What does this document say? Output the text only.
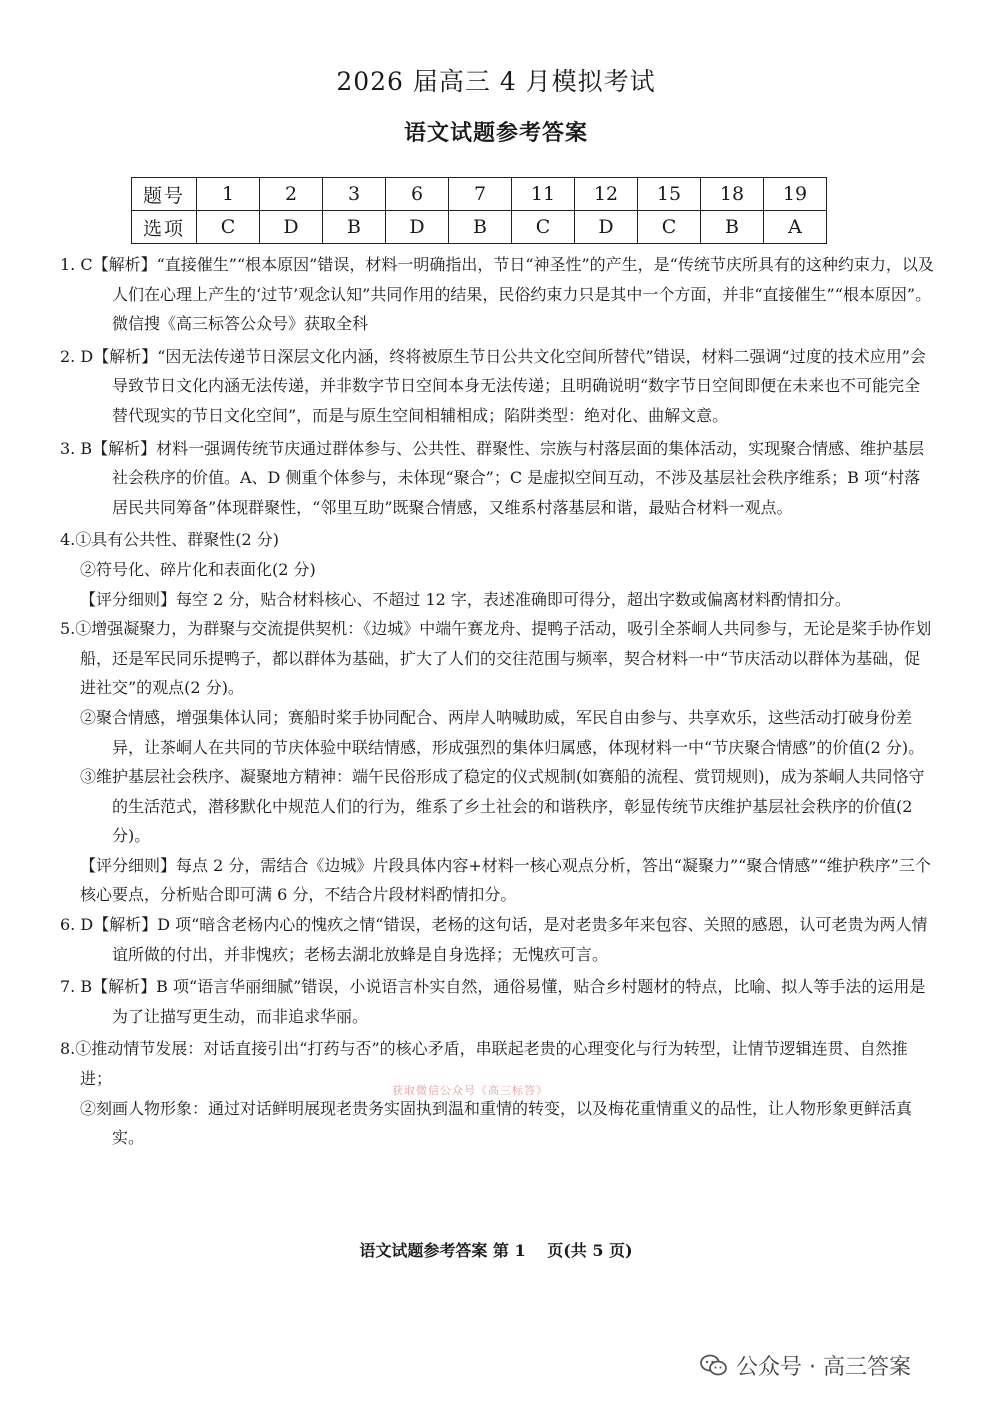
2026 届高三 4 月模拟考试
语文试题参考答案
题号	1	2	3	6	7	11	12	15	18	19
选项	C	D	B	D	B	C	D	C	B	A
1. C【解析】“直接催生”“根本原因”错误，材料一明确指出，节日“神圣性”的产生，是“传统节庆所具有的这种约束力，以及人们在心理上产生的‘过节’观念认知”共同作用的结果，民俗约束力只是其中一个方面，并非“直接催生”“根本原因”。微信搜《高三标答公众号》获取全科
2. D【解析】“因无法传递节日深层文化内涵，终将被原生节日公共文化空间所替代”错误，材料二强调“过度的技术应用”会导致节日文化内涵无法传递，并非数字节日空间本身无法传递；且明确说明“数字节日空间即便在未来也不可能完全替代现实的节日文化空间”，而是与原生空间相辅相成；陷阱类型：绝对化、曲解文意。
3. B【解析】材料一强调传统节庆通过群体参与、公共性、群聚性、宗族与村落层面的集体活动，实现聚合情感、维护基层社会秩序的价值。A、D 侧重个体参与，未体现“聚合”；C 是虚拟空间互动，不涉及基层社会秩序维系；B 项“村落居民共同筹备”体现群聚性，“邻里互助”既聚合情感，又维系村落基层和谐，最贴合材料一观点。
4.①具有公共性、群聚性(2 分)
②符号化、碎片化和表面化(2 分)
【评分细则】每空 2 分，贴合材料核心、不超过 12 字，表述准确即可得分，超出字数或偏离材料酌情扣分。
5.①增强凝聚力，为群聚与交流提供契机：《边城》中端午赛龙舟、提鸭子活动，吸引全茶峒人共同参与，无论是桨手协作划船，还是军民同乐提鸭子，都以群体为基础，扩大了人们的交往范围与频率，契合材料一中“节庆活动以群体为基础，促进社交”的观点(2 分)。
②聚合情感，增强集体认同；赛船时桨手协同配合、两岸人呐喊助威，军民自由参与、共享欢乐，这些活动打破身份差异，让茶峒人在共同的节庆体验中联结情感，形成强烈的集体归属感，体现材料一中“节庆聚合情感”的价值(2 分)。
③维护基层社会秩序、凝聚地方精神：端午民俗形成了稳定的仪式规制(如赛船的流程、赏罚规则)，成为茶峒人共同恪守的生活范式，潜移默化中规范人们的行为，维系了乡土社会的和谐秩序，彰显传统节庆维护基层社会秩序的价值(2 分)。
【评分细则】每点 2 分，需结合《边城》片段具体内容+材料一核心观点分析，答出“凝聚力”“聚合情感”“维护秩序”三个核心要点，分析贴合即可满 6 分，不结合片段材料酌情扣分。
6. D【解析】D 项“暗含老杨内心的愧疚之情“错误，老杨的这句话，是对老贵多年来包容、关照的感恩，认可老贵为两人情谊所做的付出，并非愧疚；老杨去湖北放蜂是自身选择；无愧疚可言。
7. B【解析】B 项“语言华丽细腻”错误，小说语言朴实自然，通俗易懂，贴合乡村题材的特点，比喻、拟人等手法的运用是为了让描写更生动，而非追求华丽。
8.①推动情节发展：对话直接引出“打药与否”的核心矛盾，串联起老贵的心理变化与行为转型，让情节逻辑连贯、自然推进；
②刻画人物形象：通过对话鲜明展现老贵务实固执到温和重情的转变，以及梅花重情重义的品性，让人物形象更鲜活真实。
获取微信公众号《高三标答》
语文试题参考答案 第 1　 页(共 5 页)
公众号 · 高三答案
